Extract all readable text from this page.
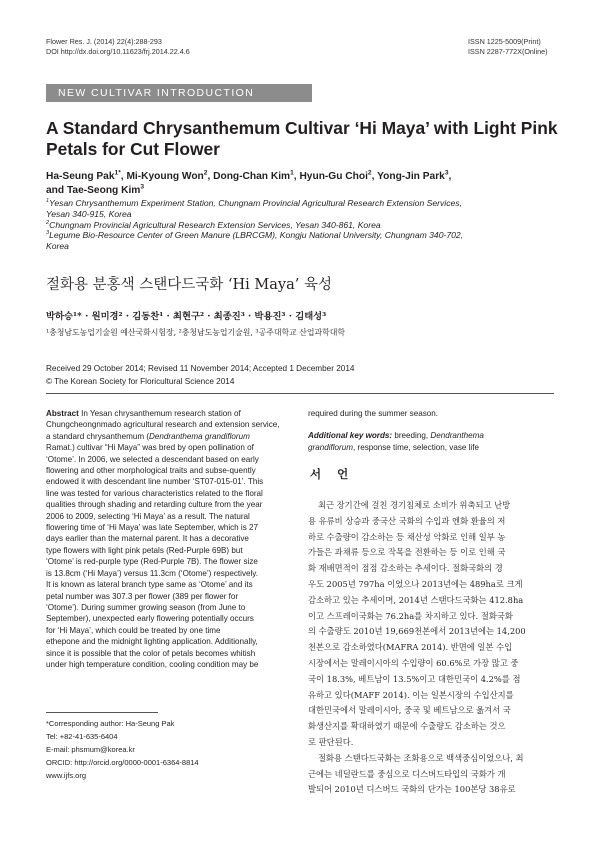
Flower Res. J. (2014) 22(4):288-293
DOI http://dx.doi.org/10.11623/frj.2014.22.4.6
ISSN 1225-5009(Print)
ISSN 2287-772X(Online)
NEW CULTIVAR INTRODUCTION
A Standard Chrysanthemum Cultivar ‘Hi Maya’ with Light Pink
Petals for Cut Flower
Ha-Seung Pak$^{1*}$, Mi-Kyoung Won$^2$, Dong-Chan Kim$^1$, Hyun-Gu Choi$^2$, Yong-Jin Park$^3$,
and Tae-Seong Kim$^3$
$^1$Yesan Chrysanthemum Experiment Station, Chungnam Provincial Agricultural Research Extension Services,
Yesan 340-915, Korea
$^2$Chungnam Provincial Agricultural Research Extension Services, Yesan 340-861, Korea
$^3$Legume Bio-Resource Center of Green Manure (LBRCGM), Kongju National University, Chungnam 340-702,
Korea
절화용 분홍색 스탠다드국화 ‘Hi Maya’ 육성
박하승¹* · 원미경² · 김동찬¹ · 최현구² · 최종진³ · 박용진³ · 김태성³
¹충청남도농업기술원 예산국화시험장, ²충청남도농업기술원, ³공주대학교 산업과학대학
Received 29 October 2014; Revised 11 November 2014; Accepted 1 December 2014
© The Korean Society for Floricultural Science 2014
Abstract In Yesan chrysanthemum research station of
Chungcheongnmado agricultural research and extension service,
a standard chrysanthemum (Dendranthema grandiflorum
Ramat.) cultivar “Hi Maya” was bred by open pollination of
‘Otome’. In 2006, we selected a descendant based on early
flowering and other morphological traits and subse-quently
endowed it with descendant line number ‘ST07-015-01’. This
line was tested for various characteristics related to the floral
qualities through shading and retarding culture from the year
2006 to 2009, selecting ‘Hi Maya’ as a result. The natural
flowering time of ‘Hi Maya’ was late September, which is 27
days earlier than the maternal parent. It has a decorative
type flowers with light pink petals (Red-Purple 69B) but
‘Otome’ is red-purple type (Red-Purple 7B). The flower size
is 13.8cm (‘Hi Maya’) versus 11.3cm (‘Otome’) respectively.
It is known as lateral branch type same as ‘Otome’ and its
petal number was 307.3 per flower (389 per flower for
‘Otome’). During summer growing season (from June to
September), unexpected early flowering potentially occurs
for ‘Hi Maya’, which could be treated by one time
ethepone and the midnight lighting application. Additionally,
since it is possible that the color of petals becomes whitish
under high temperature condition, cooling condition may be
*Corresponding author: Ha-Seung Pak
Tel: +82-41-635-6404
E-mail: phsmum@korea.kr
ORCID: http://orcid.org/0000-0001-6364-8814
www.ijfs.org
required during the summer season.
Additional key words: breeding, Dendranthema
grandiflorum, response time, selection, vase life
서 언
최근 장기간에 걸친 경기침체로 소비가 위축되고 난방
용 유류비 상승과 중국산 국화의 수입과 엔화 환율의 저
하로 수출량이 감소하는 등 채산성 악화로 인해 일부 농
가들은 과채류 등으로 작목을 전환하는 등 이로 인해 국
화 재배면적이 점점 감소하는 추세이다. 절화국화의 경
우도 2005년 797ha 이었으나 2013년에는 489ha로 크게
감소하고 있는 추세이며, 2014년 스탠다드국화는 412.8ha
이고 스프레이국화는 76.2ha를 차지하고 있다. 절화국화
의 수출량도 2010년 19,669천본에서 2013년에는 14,200
천본으로 감소하였다(MAFRA 2014). 반면에 일본 수입
시장에서는 말레이시아의 수입량이 60.6%로 가장 많고 중
국이 18.3%, 베트남이 13.5%이고 대한민국이 4.2%를 점
유하고 있다(MAFF 2014). 이는 일본시장의 수입산지를
대한민국에서 말레이시아, 중국 및 베트남으로 옮겨서 국
화생산지를 확대하였기 때문에 수출량도 감소하는 것으
로 판단된다.
절화용 스탠다드국화는 조화용으로 백색중심이었으나, 최
근에는 네덜란드를 중심으로 디스버드타입의 국화가 개
발되어 2010년 디스버드 국화의 단가는 100본당 38유로
